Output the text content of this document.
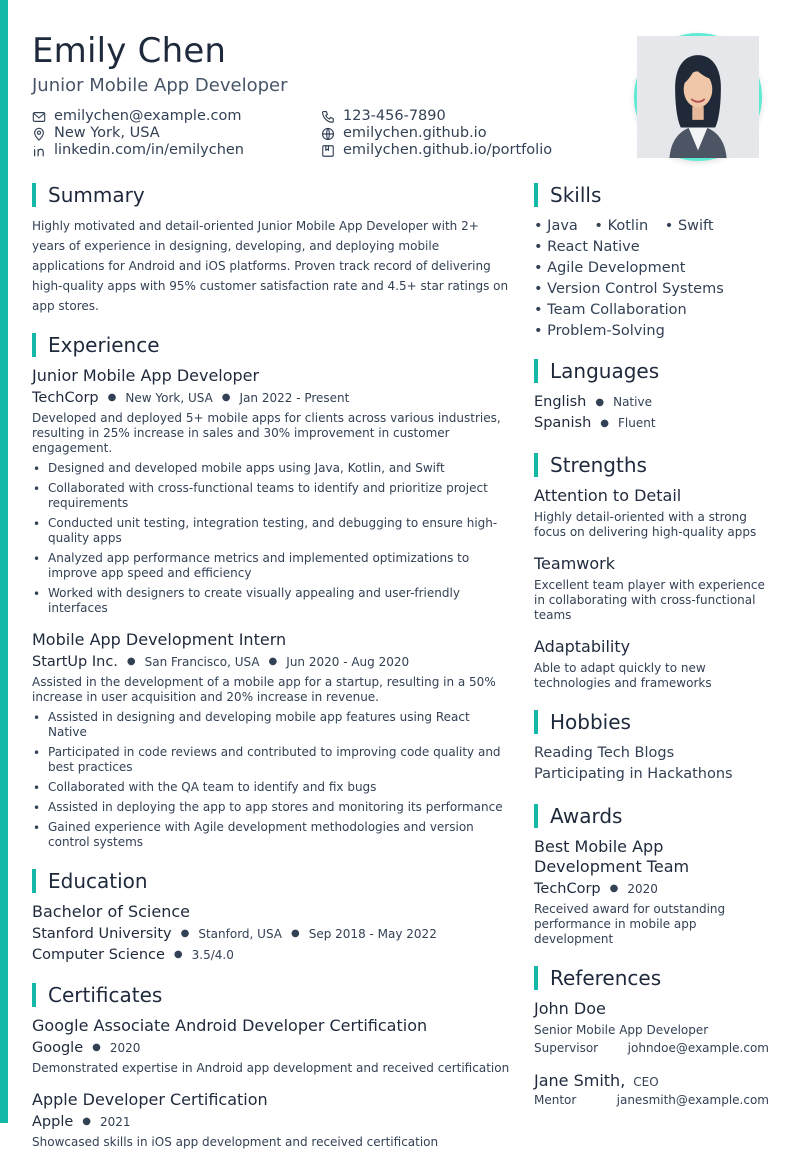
Emily Chen
Junior Mobile App Developer
emilychen@example.com	123-456-7890
New York, USA	emilychen.github.io
linkedin.com/in/emilychen	emilychen.github.io/portfolio
Summary

Highly motivated and detail-oriented Junior Mobile App Developer with 2+ years of experience in designing, developing, and deploying mobile applications for Android and iOS platforms. Proven track record of delivering high-quality apps with 95% customer satisfaction rate and 4.5+ star ratings on app stores.

Experience
Junior Mobile App Developer
TechCorp ● New York, USA ● Jan 2022 - Present

Developed and deployed 5+ mobile apps for clients across various industries, resulting in 25% increase in sales and 30% improvement in customer engagement.

• Designed and developed mobile apps using Java, Kotlin, and Swift
• Collaborated with cross-functional teams to identify and prioritize project requirements
• Conducted unit testing, integration testing, and debugging to ensure high-quality apps
• Analyzed app performance metrics and implemented optimizations to improve app speed and efficiency
• Worked with designers to create visually appealing and user-friendly interfaces
Mobile App Development Intern
StartUp Inc. ● San Francisco, USA ● Jun 2020 - Aug 2020

Assisted in the development of a mobile app for a startup, resulting in a 50% increase in user acquisition and 20% increase in revenue.

• Assisted in designing and developing mobile app features using React Native
• Participated in code reviews and contributed to improving code quality and best practices
• Collaborated with the QA team to identify and fix bugs
• Assisted in deploying the app to app stores and monitoring its performance
• Gained experience with Agile development methodologies and version control systems
Education
Bachelor of Science
Stanford University ● Stanford, USA ● Sep 2018 - May 2022
Computer Science ● 3.5/4.0
Certificates
Google Associate Android Developer Certification
Google ● 2020

Demonstrated expertise in Android app development and received certification

Apple Developer Certification
Apple ● 2021

Showcased skills in iOS app development and received certification

Skills
• Java • Kotlin • Swift
• React Native
• Agile Development
• Version Control Systems
• Team Collaboration
• Problem-Solving
Languages
English ● Native
Spanish ● Fluent
Strengths
Attention to Detail

Highly detail-oriented with a strong focus on delivering high-quality apps

Teamwork

Excellent team player with experience in collaborating with cross-functional teams

Adaptability

Able to adapt quickly to new technologies and frameworks

Hobbies
Reading Tech Blogs
Participating in Hackathons
Awards
Best Mobile App Development Team
TechCorp ● 2020

Received award for outstanding performance in mobile app development

References
John Doe
Senior Mobile App Developer
Supervisor johndoe@example.com
Jane Smith, CEO
Mentor	janesmith@example.com
